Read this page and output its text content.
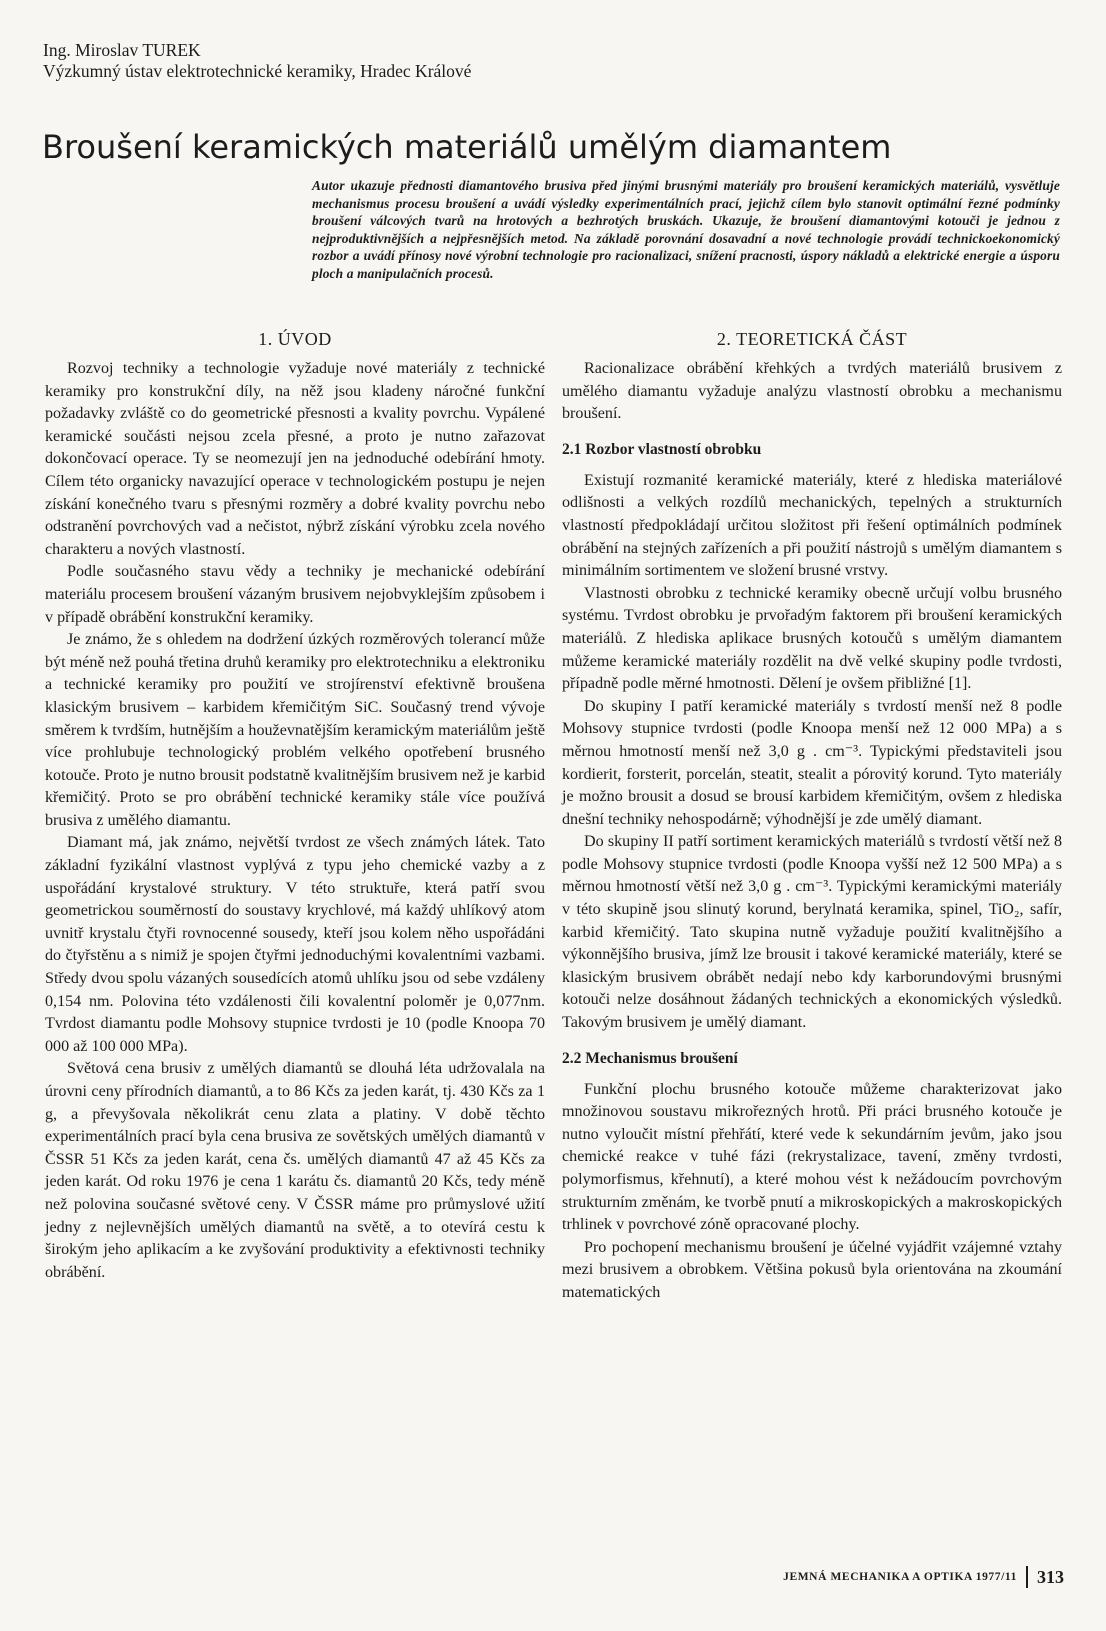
Ing. Miroslav TUREK
Výzkumný ústav elektrotechnické keramiky, Hradec Králové
Broušení keramických materiálů umělým diamantem
Autor ukazuje přednosti diamantového brusiva před jinými brusnými materiály pro broušení keramických materiálů, vysvětluje mechanismus procesu broušení a uvádí výsledky experimentálních prací, jejichž cílem bylo stanovit optimální řezné podmínky broušení válcových tvarů na hrotových a bezhrotých bruskách. Ukazuje, že broušení diamantovými kotouči je jednou z nejproduktivnějších a nejpřesnějších metod. Na základě porovnání dosavadní a nové technologie provádí technickoekonomický rozbor a uvádí přínosy nové výrobní technologie pro racionalizaci, snížení pracnosti, úspory nákladů a elektrické energie a úsporu ploch a manipulačních procesů.
1. ÚVOD

Rozvoj techniky a technologie vyžaduje nové materiály z technické keramiky pro konstrukční díly, na něž jsou kladeny náročné funkční požadavky zvláště co do geometrické přesnosti a kvality povrchu. Vypálené keramické součásti nejsou zcela přesné, a proto je nutno zařazovat dokončovací operace. Ty se neomezují jen na jednoduché odebírání hmoty. Cílem této organicky navazující operace v technologickém postupu je nejen získání konečného tvaru s přesnými rozměry a dobré kvality povrchu nebo odstranění povrchových vad a nečistot, nýbrž získání výrobku zcela nového charakteru a nových vlastností.

Podle současného stavu vědy a techniky je mechanické odebírání materiálu procesem broušení vázaným brusivem nejobvyklejším způsobem i v případě obrábění konstrukční keramiky.

Je známo, že s ohledem na dodržení úzkých rozměrových tolerancí může být méně než pouhá třetina druhů keramiky pro elektrotechniku a elektroniku a technické keramiky pro použití ve strojírenství efektivně broušena klasickým brusivem – karbidem křemičitým SiC. Současný trend vývoje směrem k tvrdším, hutnějším a houževnatějším keramickým materiálům ještě více prohlubuje technologický problém velkého opotřebení brusného kotouče. Proto je nutno brousit podstatně kvalitnějším brusivem než je karbid křemičitý. Proto se pro obrábění technické keramiky stále více používá brusiva z umělého diamantu.

Diamant má, jak známo, největší tvrdost ze všech známých látek. Tato základní fyzikální vlastnost vyplývá z typu jeho chemické vazby a z uspořádání krystalové struktury. V této struktuře, která patří svou geometrickou souměrností do soustavy krychlové, má každý uhlíkový atom uvnitř krystalu čtyři rovnocenné sousedy, kteří jsou kolem něho uspořádáni do čtyřstěnu a s nimiž je spojen čtyřmi jednoduchými kovalentními vazbami. Středy dvou spolu vázaných sousedících atomů uhlíku jsou od sebe vzdáleny 0,154 nm. Polovina této vzdálenosti čili kovalentní poloměr je 0,077nm. Tvrdost diamantu podle Mohsovy stupnice tvrdosti je 10 (podle Knoopa 70 000 až 100 000 MPa).

Světová cena brusiv z umělých diamantů se dlouhá léta udržovalala na úrovni ceny přírodních diamantů, a to 86 Kčs za jeden karát, tj. 430 Kčs za 1 g, a převyšovala několikrát cenu zlata a platiny. V době těchto experimentálních prací byla cena brusiva ze sovětských umělých diamantů v ČSSR 51 Kčs za jeden karát, cena čs. umělých diamantů 47 až 45 Kčs za jeden karát. Od roku 1976 je cena 1 karátu čs. diamantů 20 Kčs, tedy méně než polovina současné světové ceny. V ČSSR máme pro průmyslové užití jedny z nejlevnějších umělých diamantů na světě, a to otevírá cestu k širokým jeho aplikacím a ke zvyšování produktivity a efektivnosti techniky obrábění.

2. TEORETICKÁ ČÁST

Racionalizace obrábění křehkých a tvrdých materiálů brusivem z umělého diamantu vyžaduje analýzu vlastností obrobku a mechanismu broušení.

2.1 Rozbor vlastností obrobku

Existují rozmanité keramické materiály, které z hlediska materiálové odlišnosti a velkých rozdílů mechanických, tepelných a strukturních vlastností předpokládají určitou složitost při řešení optimálních podmínek obrábění na stejných zařízeních a při použití nástrojů s umělým diamantem s minimálním sortimentem ve složení brusné vrstvy.

Vlastnosti obrobku z technické keramiky obecně určují volbu brusného systému. Tvrdost obrobku je prvořadým faktorem při broušení keramických materiálů. Z hlediska aplikace brusných kotoučů s umělým diamantem můžeme keramické materiály rozdělit na dvě velké skupiny podle tvrdosti, případně podle měrné hmotnosti. Dělení je ovšem přibližné [1].

Do skupiny I patří keramické materiály s tvrdostí menší než 8 podle Mohsovy stupnice tvrdosti (podle Knoopa menší než 12 000 MPa) a s měrnou hmotností menší než 3,0 g . cm⁻³. Typickými představiteli jsou kordierit, forsterit, porcelán, steatit, stealit a pórovitý korund. Tyto materiály je možno brousit a dosud se brousí karbidem křemičitým, ovšem z hlediska dnešní techniky nehospodárně; výhodnější je zde umělý diamant.

Do skupiny II patří sortiment keramických materiálů s tvrdostí větší než 8 podle Mohsovy stupnice tvrdosti (podle Knoopa vyšší než 12 500 MPa) a s měrnou hmotností větší než 3,0 g . cm⁻³. Typickými keramickými materiály v této skupině jsou slinutý korund, berylnatá keramika, spinel, TiO₂, safír, karbid křemičitý. Tato skupina nutně vyžaduje použití kvalitnějšího a výkonnějšího brusiva, jímž lze brousit i takové keramické materiály, které se klasickým brusivem obrábět nedají nebo kdy karborundovými brusnými kotouči nelze dosáhnout žádaných technických a ekonomických výsledků. Takovým brusivem je umělý diamant.

2.2 Mechanismus broušení

Funkční plochu brusného kotouče můžeme charakterizovat jako množinovou soustavu mikrořezných hrotů. Při práci brusného kotouče je nutno vyloučit místní přehřátí, které vede k sekundárním jevům, jako jsou chemické reakce v tuhé fázi (rekrystalizace, tavení, změny tvrdosti, polymorfismus, křehnutí), a které mohou vést k nežádoucím povrchovým strukturním změnám, ke tvorbě pnutí a mikroskopických a makroskopických trhlinek v povrchové zóně opracované plochy.

Pro pochopení mechanismu broušení je účelné vyjádřit vzájemné vztahy mezi brusivem a obrobkem. Většina pokusů byla orientována na zkoumání matematických

JEMNÁ MECHANIKA A OPTIKA 1977/11 313
